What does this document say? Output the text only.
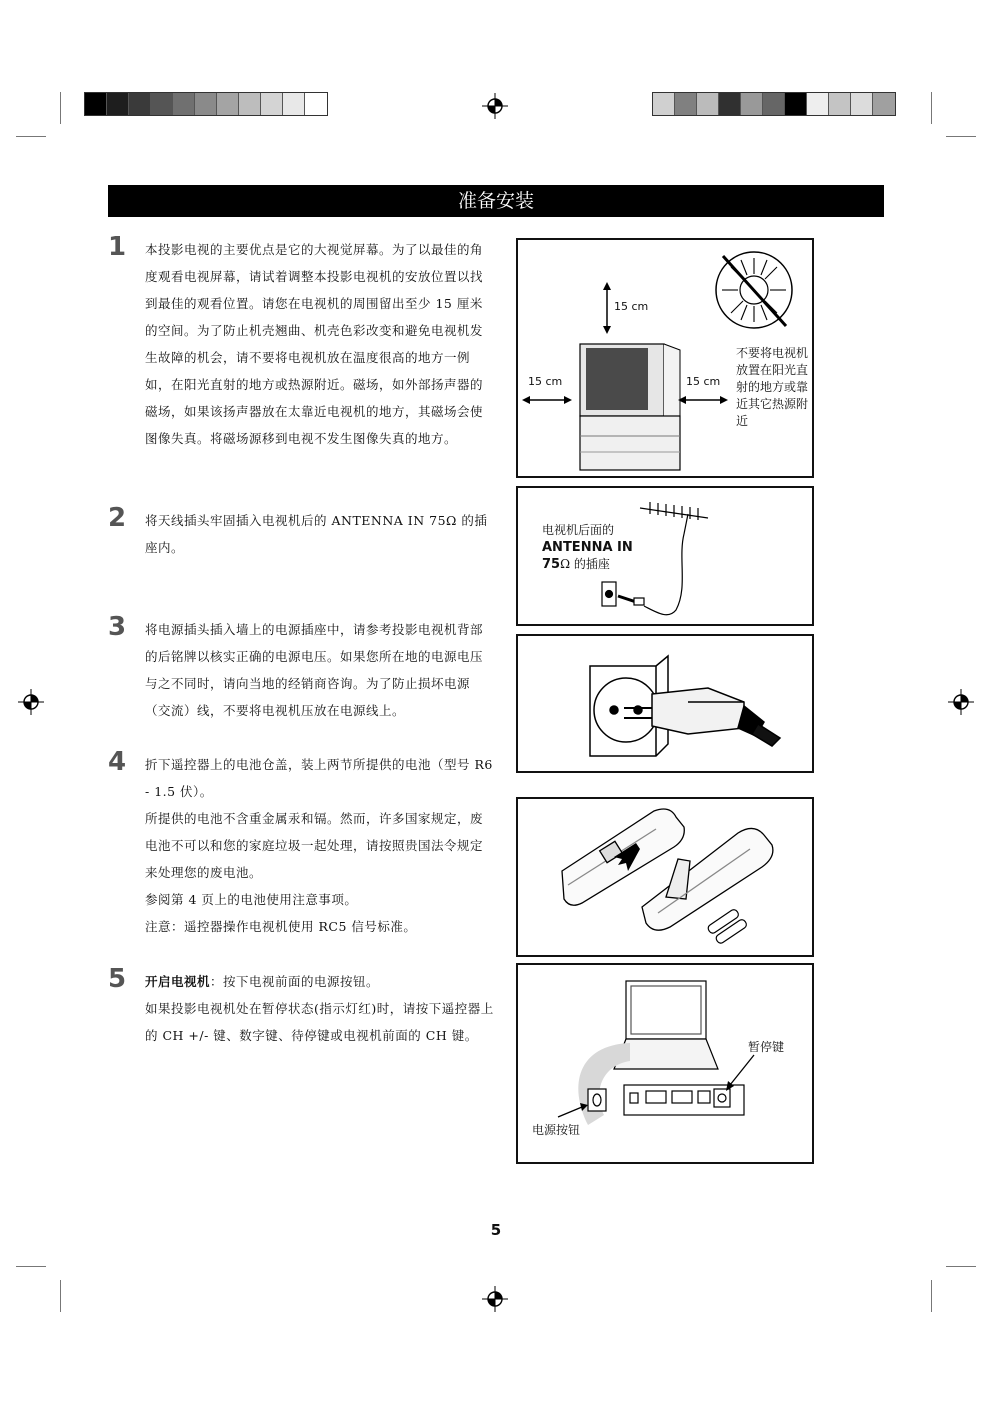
准备安装
1	本投影电视的主要优点是它的大视觉屏幕。为了以最佳的角度观看电视屏幕，请试着调整本投影电视机的安放位置以找到最佳的观看位置。请您在电视机的周围留出至少 15 厘米的空间。为了防止机壳翘曲、机壳色彩改变和避免电视机发生故障的机会，请不要将电视机放在温度很高的地方一例如，在阳光直射的地方或热源附近。磁场，如外部扬声器的磁场，如果该扬声器放在太靠近电视机的地方，其磁场会使图像失真。将磁场源移到电视不发生图像失真的地方。

2	将天线插头牢固插入电视机后的 ANTENNA IN 75Ω 的插座内。

3	将电源插头插入墙上的电源插座中，请参考投影电视机背部的后铭牌以核实正确的电源电压。如果您所在地的电源电压与之不同时，请向当地的经销商咨询。为了防止损坏电源（交流）线，不要将电视机压放在电源线上。

4	折下遥控器上的电池仓盖，装上两节所提供的电池（型号 R6 - 1.5 伏）。

所提供的电池不含重金属汞和镉。然而，许多国家规定，废电池不可以和您的家庭垃圾一起处理，请按照贵国法令规定来处理您的废电池。

参阅第 4 页上的电池使用注意事项。

注意：遥控器操作电视机使用 RC5 信号标准。

5	开启电视机：按下电视前面的电源按钮。

如果投影电视机处在暂停状态(指示灯红)时，请按下遥控器上的 CH +/- 键、数字键、待停键或电视机前面的 CH 键。

15 cm
15 cm	15 cm
不要将电视机放置在阳光直射的地方或靠近其它热源附近
电视机后面的
ANTENNA IN
75Ω 的插座
暂停键
电源按钮
5
